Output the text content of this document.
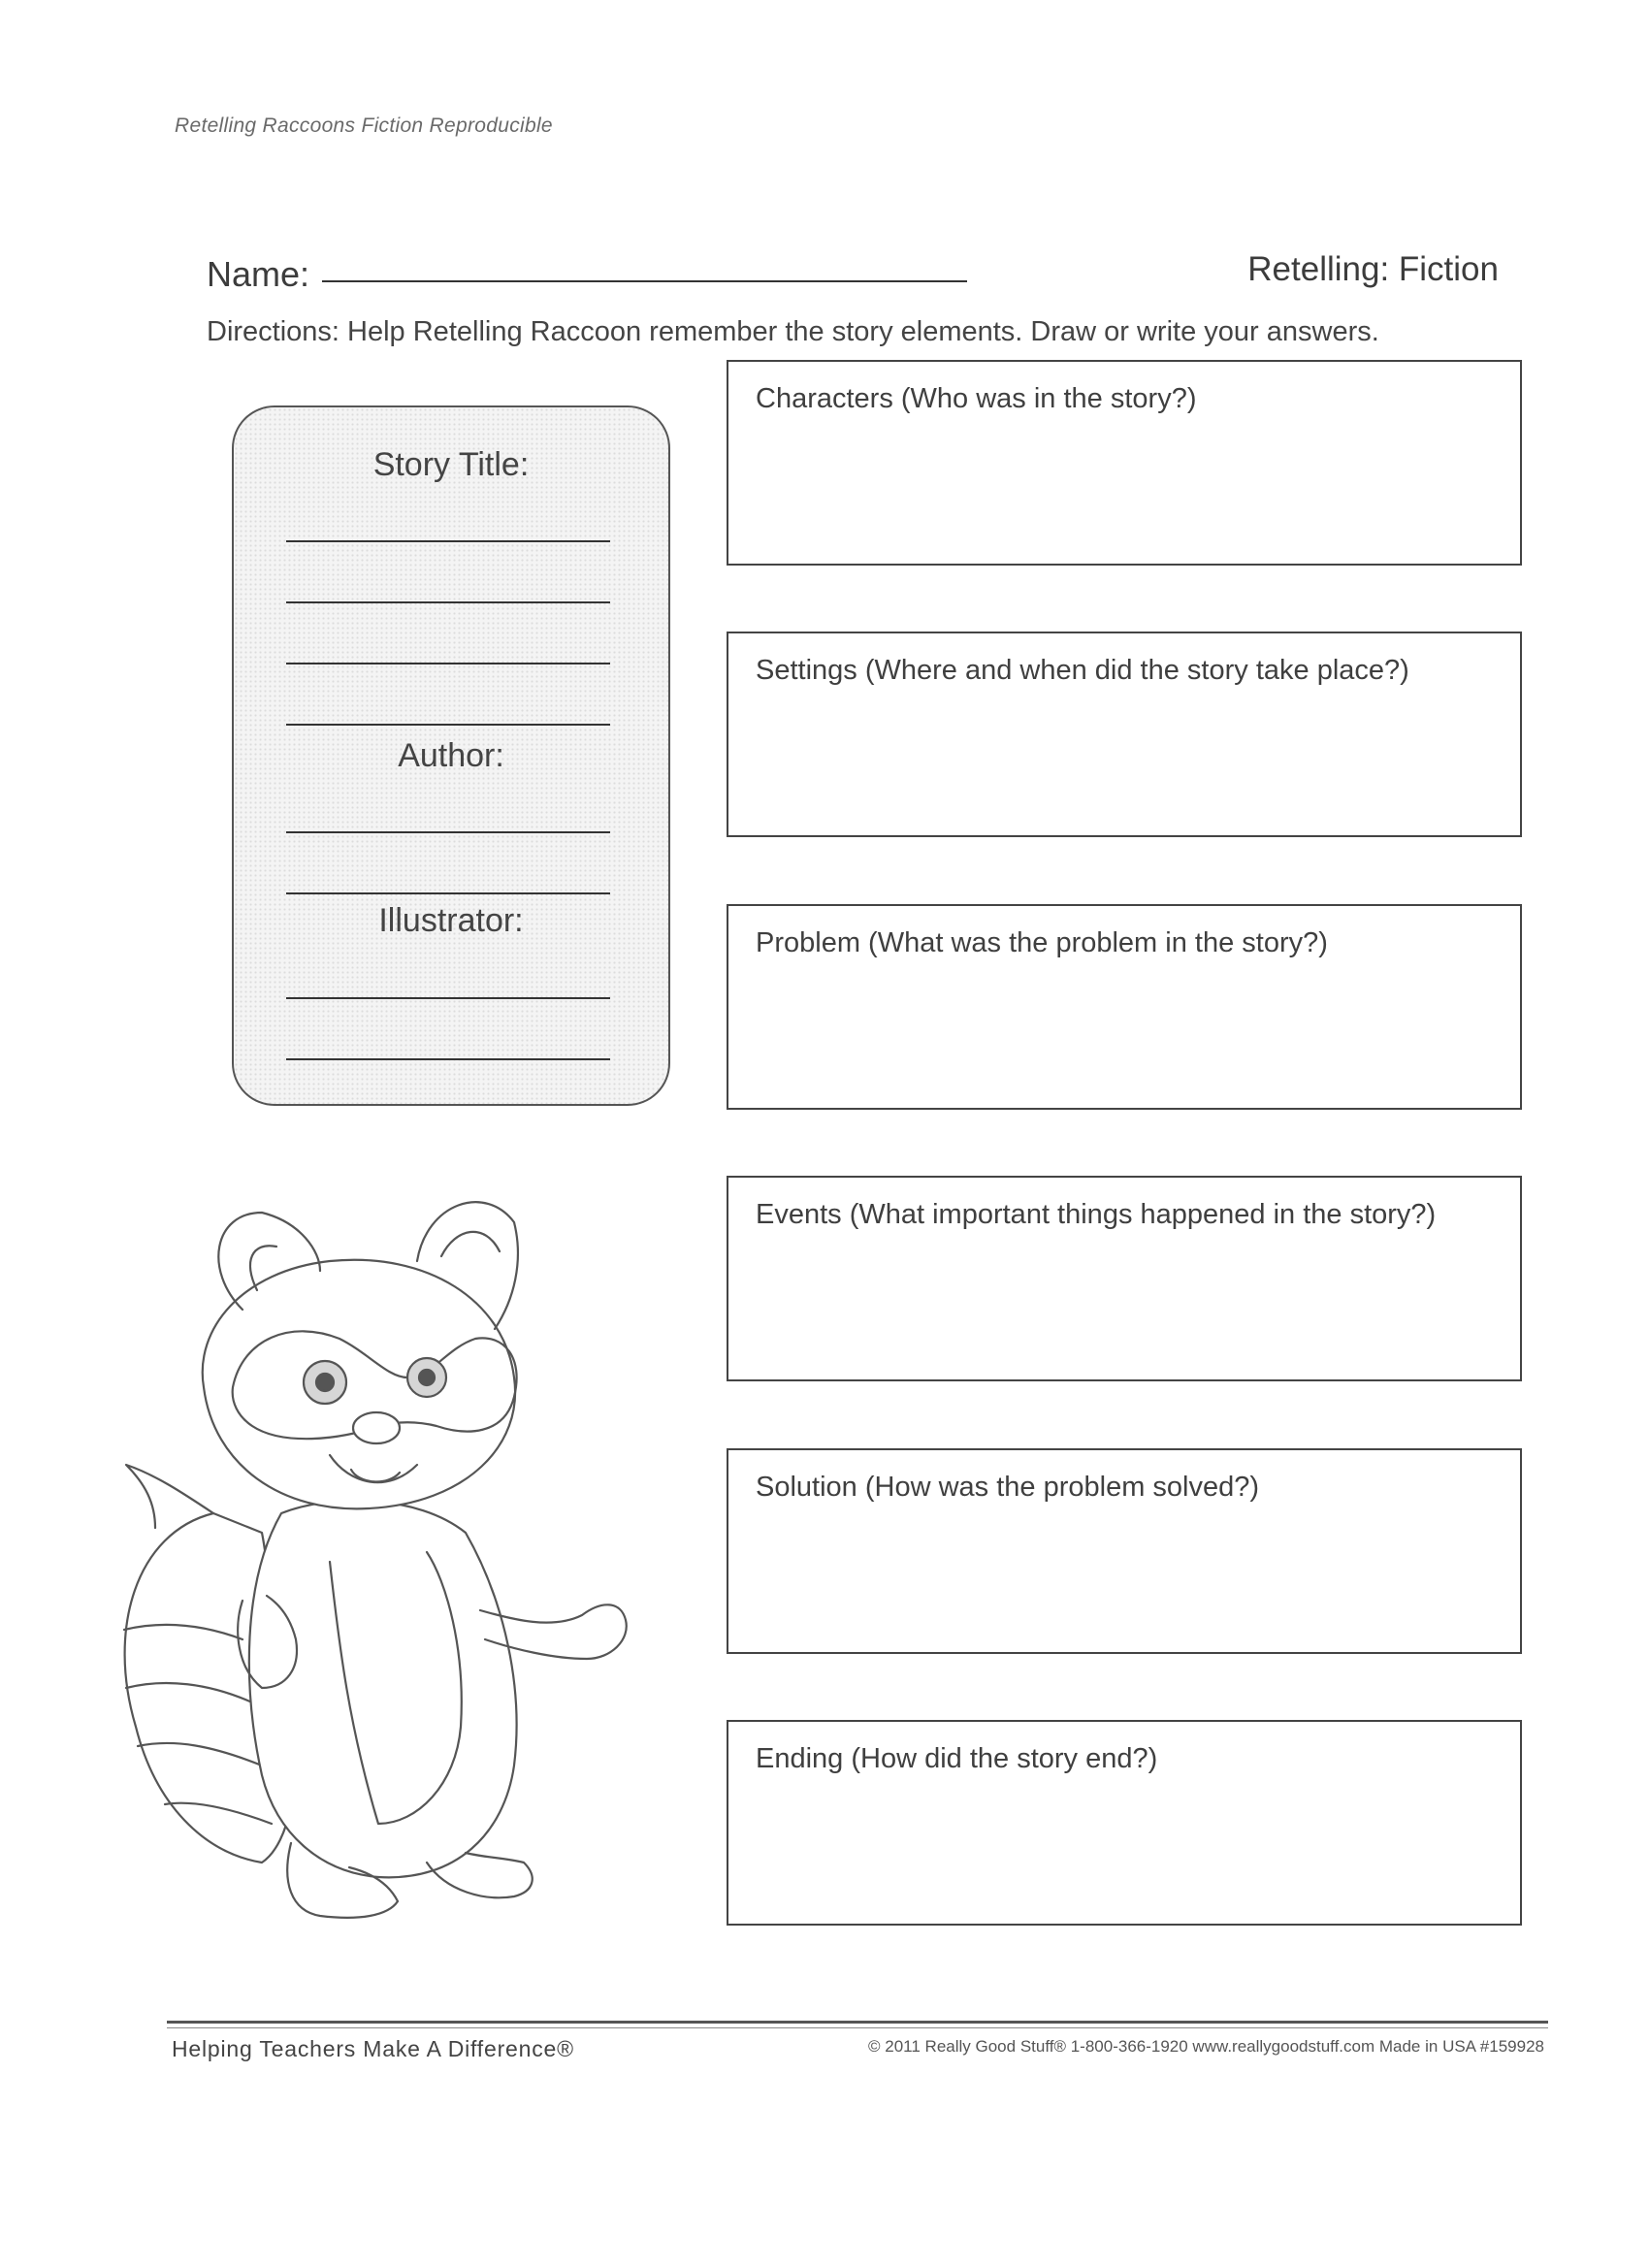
Retelling Raccoons Fiction Reproducible
Name:	Retelling: Fiction
Directions: Help Retelling Raccoon remember the story elements. Draw or write your answers.
Story Title:
Author:
Illustrator:
Characters (Who was in the story?)
Settings (Where and when did the story take place?)
Problem (What was the problem in the story?)
Events (What important things happened in the story?)
Solution (How was the problem solved?)
Ending (How did the story end?)
Helping Teachers Make A Difference®	© 2011 Really Good Stuff® 1-800-366-1920 www.reallygoodstuff.com Made in USA #159928
